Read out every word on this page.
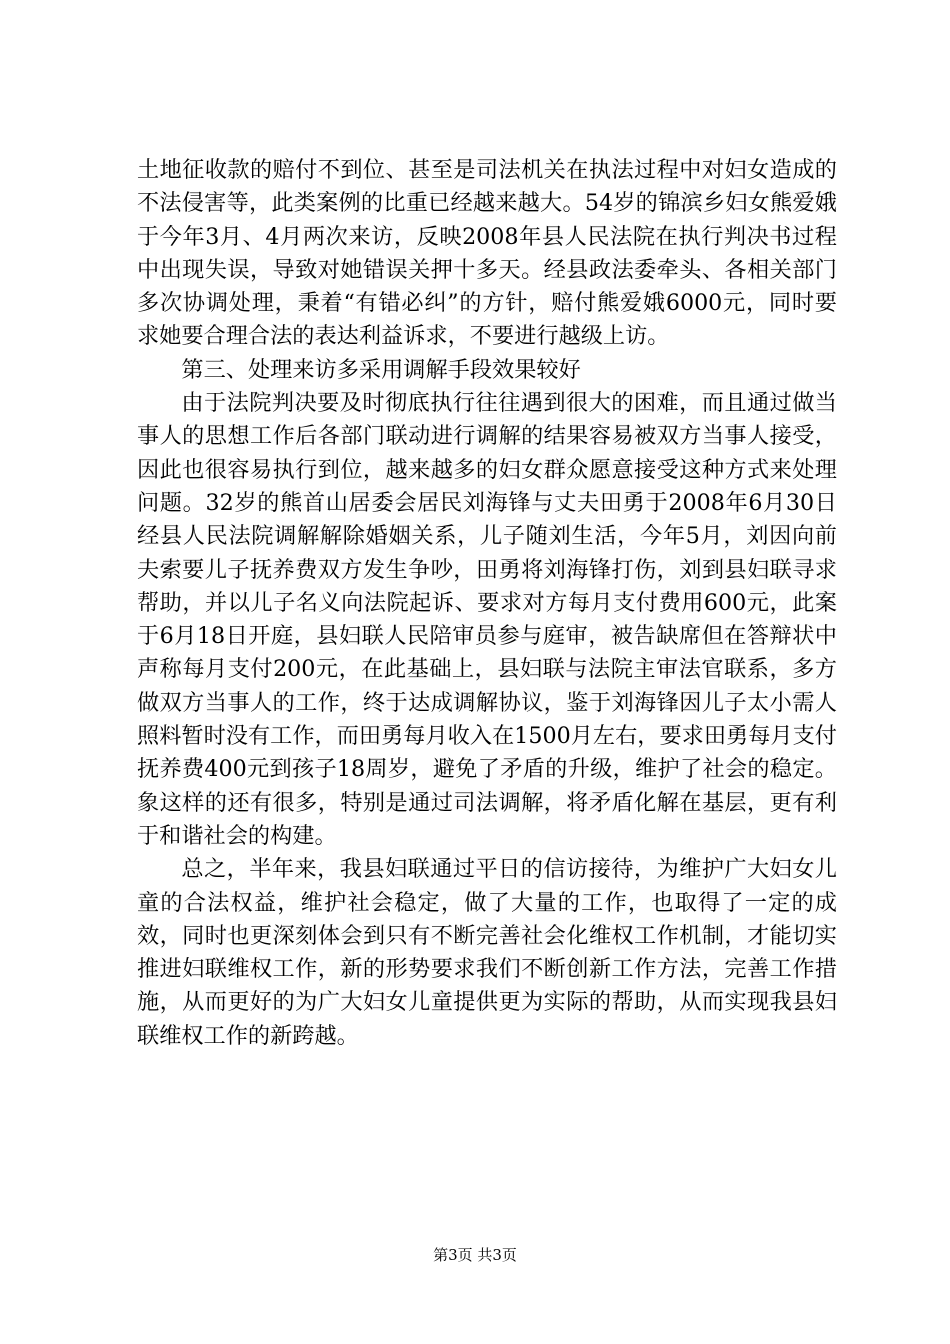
土地征收款的赔付不到位、甚至是司法机关在执法过程中对妇女造成的不法侵害等，此类案例的比重已经越来越大。54岁的锦滨乡妇女熊爱娥于今年3月、4月两次来访，反映2008年县人民法院在执行判决书过程中出现失误，导致对她错误关押十多天。经县政法委牵头、各相关部门多次协调处理，秉着“有错必纠”的方针，赔付熊爱娥6000元，同时要求她要合理合法的表达利益诉求，不要进行越级上访。

第三、处理来访多采用调解手段效果较好

由于法院判决要及时彻底执行往往遇到很大的困难，而且通过做当事人的思想工作后各部门联动进行调解的结果容易被双方当事人接受，因此也很容易执行到位，越来越多的妇女群众愿意接受这种方式来处理问题。32岁的熊首山居委会居民刘海锋与丈夫田勇于2008年6月30日经县人民法院调解解除婚姻关系，儿子随刘生活，今年5月，刘因向前夫索要儿子抚养费双方发生争吵，田勇将刘海锋打伤，刘到县妇联寻求帮助，并以儿子名义向法院起诉、要求对方每月支付费用600元，此案于6月18日开庭，县妇联人民陪审员参与庭审，被告缺席但在答辩状中声称每月支付200元，在此基础上，县妇联与法院主审法官联系，多方做双方当事人的工作，终于达成调解协议，鉴于刘海锋因儿子太小需人照料暂时没有工作，而田勇每月收入在1500月左右，要求田勇每月支付抚养费400元到孩子18周岁，避免了矛盾的升级，维护了社会的稳定。象这样的还有很多，特别是通过司法调解，将矛盾化解在基层，更有利于和谐社会的构建。

总之，半年来，我县妇联通过平日的信访接待，为维护广大妇女儿童的合法权益，维护社会稳定，做了大量的工作，也取得了一定的成效，同时也更深刻体会到只有不断完善社会化维权工作机制，才能切实推进妇联维权工作，新的形势要求我们不断创新工作方法，完善工作措施，从而更好的为广大妇女儿童提供更为实际的帮助，从而实现我县妇联维权工作的新跨越。

第3页 共3页
